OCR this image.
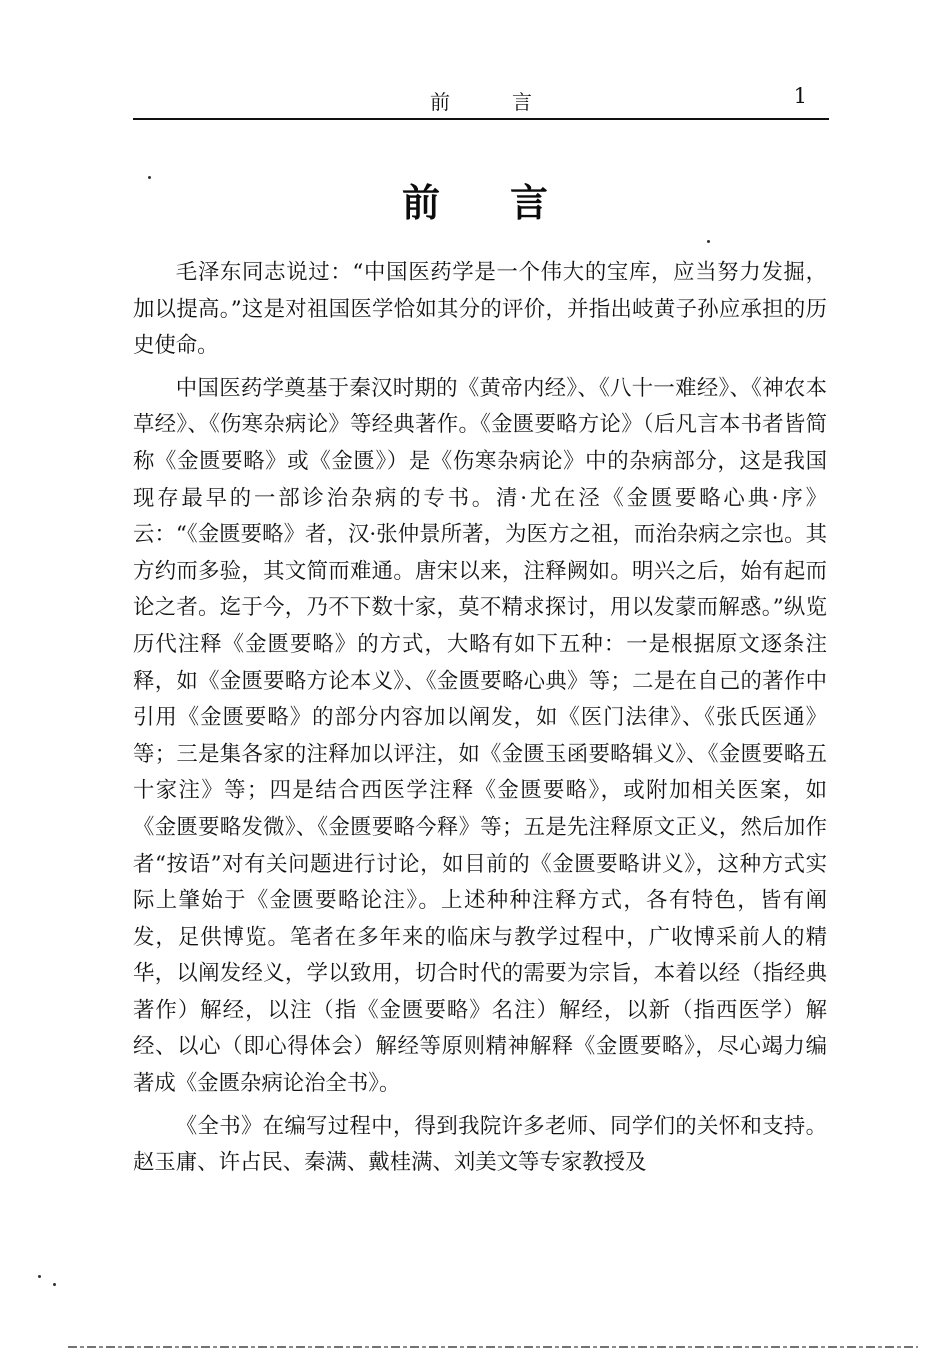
前言	1
前言

毛泽东同志说过：“中国医药学是一个伟大的宝库，应当努力发掘，加以提高。”这是对祖国医学恰如其分的评价，并指出岐黄子孙应承担的历史使命。

中国医药学奠基于秦汉时期的《黄帝内经》、《八十一难经》、《神农本草经》、《伤寒杂病论》等经典著作。《金匮要略方论》（后凡言本书者皆简称《金匮要略》或《金匮》）是《伤寒杂病论》中的杂病部分，这是我国现存最早的一部诊治杂病的专书。清·尤在泾《金匮要略心典·序》云：“《金匮要略》者，汉·张仲景所著，为医方之祖，而治杂病之宗也。其方约而多验，其文简而难通。唐宋以来，注释阙如。明兴之后，始有起而论之者。迄于今，乃不下数十家，莫不精求探讨，用以发蒙而解惑。”纵览历代注释《金匮要略》的方式，大略有如下五种：一是根据原文逐条注释，如《金匮要略方论本义》、《金匮要略心典》等；二是在自己的著作中引用《金匮要略》的部分内容加以阐发，如《医门法律》、《张氏医通》等；三是集各家的注释加以评注，如《金匮玉函要略辑义》、《金匮要略五十家注》等；四是结合西医学注释《金匮要略》，或附加相关医案，如《金匮要略发微》、《金匮要略今释》等；五是先注释原文正义，然后加作者“按语”对有关问题进行讨论，如目前的《金匮要略讲义》，这种方式实际上肇始于《金匮要略论注》。上述种种注释方式，各有特色，皆有阐发，足供博览。笔者在多年来的临床与教学过程中，广收博采前人的精华，以阐发经义，学以致用，切合时代的需要为宗旨，本着以经（指经典著作）解经，以注（指《金匮要略》名注）解经，以新（指西医学）解经、以心（即心得体会）解经等原则精神解释《金匮要略》，尽心竭力编著成《金匮杂病论治全书》。

《全书》在编写过程中，得到我院许多老师、同学们的关怀和支持。赵玉庸、许占民、秦满、戴桂满、刘美文等专家教授及
